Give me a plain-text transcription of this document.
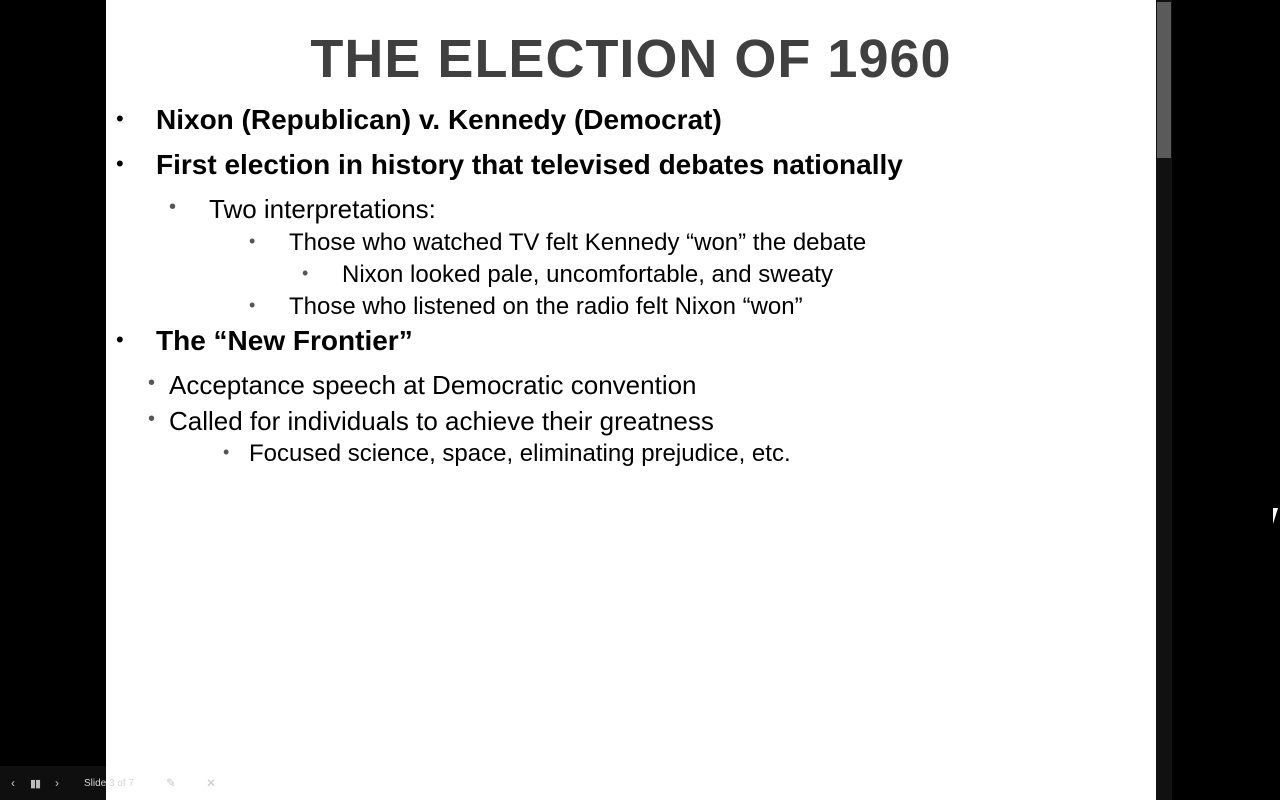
THE ELECTION OF 1960
• Nixon (Republican) v. Kennedy (Democrat)
• First election in history that televised debates nationally
• Two interpretations:
• Those who watched TV felt Kennedy “won” the debate
• Nixon looked pale, uncomfortable, and sweaty
• Those who listened on the radio felt Nixon “won”
• The “New Frontier”
• Acceptance speech at Democratic convention
• Called for individuals to achieve their greatness
• Focused science, space, eliminating prejudice, etc.
‹	▮▮	›	Slide 3 of 7	✎	✕
